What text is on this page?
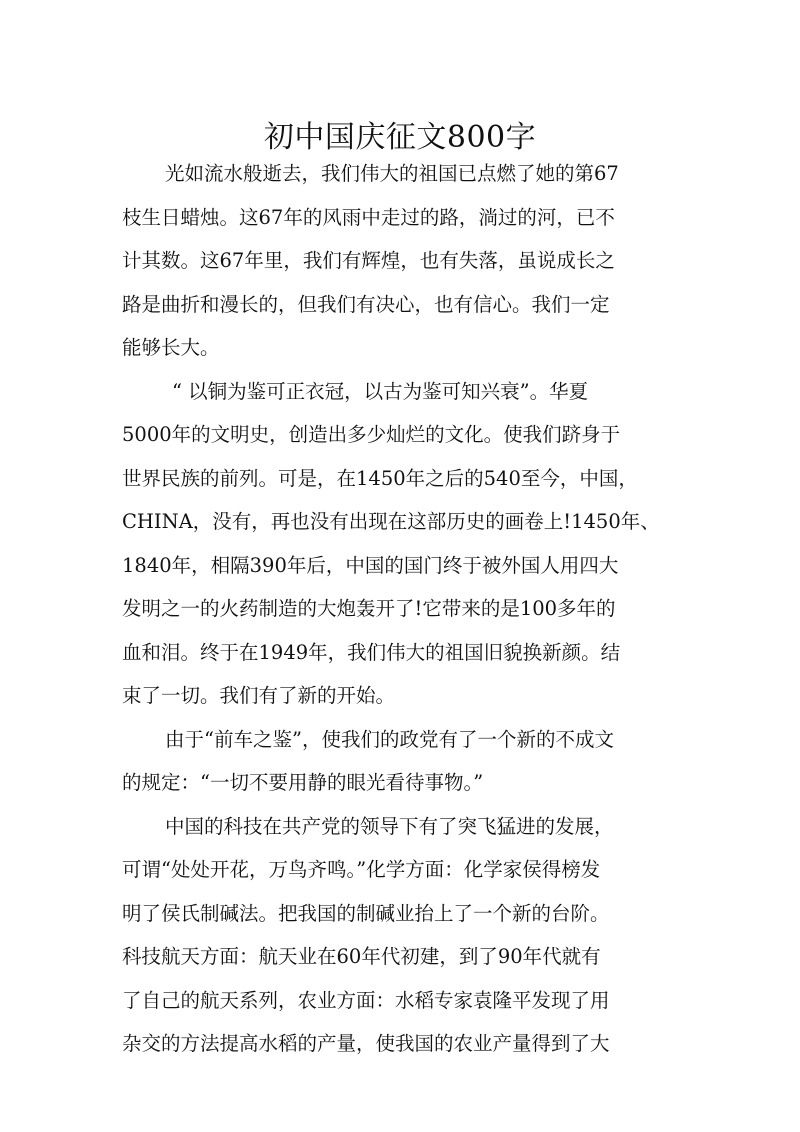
初中国庆征文800字
光如流水般逝去，我们伟大的祖国已点燃了她的第67
枝生日蜡烛。这67年的风雨中走过的路，淌过的河，已不
计其数。这67年里，我们有辉煌，也有失落，虽说成长之
路是曲折和漫长的，但我们有决心，也有信心。我们一定
能够长大。
“ 以铜为鉴可正衣冠，以古为鉴可知兴衰”。华夏
5000年的文明史，创造出多少灿烂的文化。使我们跻身于
世界民族的前列。可是，在1450年之后的540至今，中国，
CHINA，没有，再也没有出现在这部历史的画卷上!1450年、
1840年，相隔390年后，中国的国门终于被外国人用四大
发明之一的火药制造的大炮轰开了!它带来的是100多年的
血和泪。终于在1949年，我们伟大的祖国旧貌换新颜。结
束了一切。我们有了新的开始。
由于“前车之鉴”，使我们的政党有了一个新的不成文
的规定：“一切不要用静的眼光看待事物。”
中国的科技在共产党的领导下有了突飞猛进的发展，
可谓“处处开花，万鸟齐鸣。”化学方面：化学家侯得榜发
明了侯氏制碱法。把我国的制碱业抬上了一个新的台阶。
科技航天方面：航天业在60年代初建，到了90年代就有
了自己的航天系列，农业方面：水稻专家袁隆平发现了用
杂交的方法提高水稻的产量，使我国的农业产量得到了大
